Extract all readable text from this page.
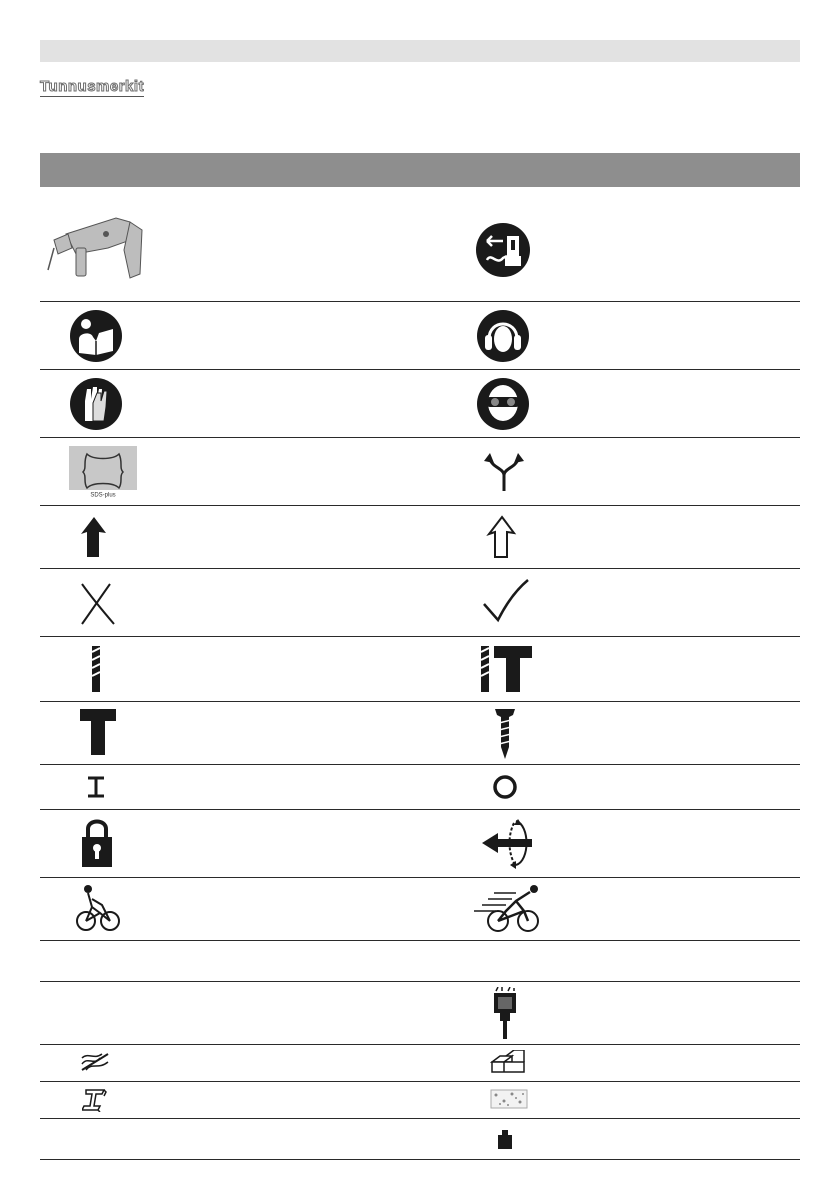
Tunnusmerkit
SDS-plus
